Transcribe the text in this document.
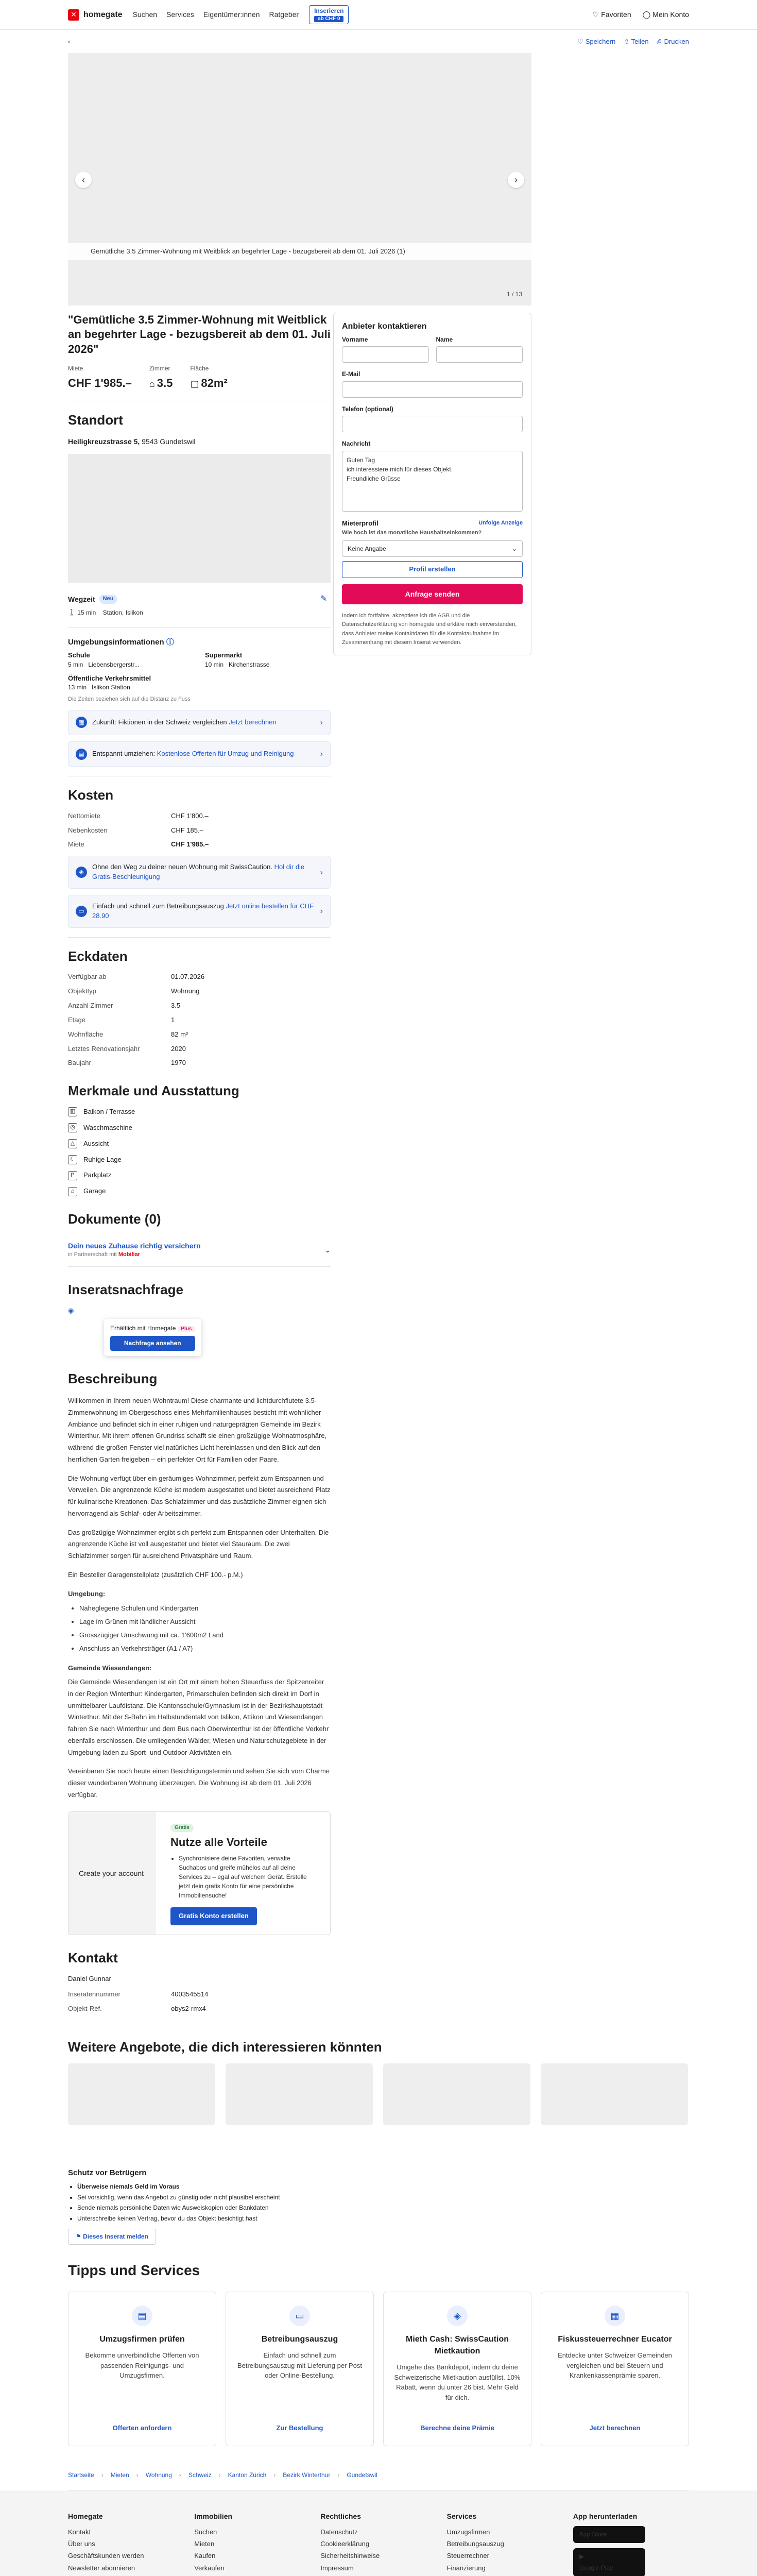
✕ homegate Suchen Services Eigentümer:innen Ratgeber	Inserieren
ab CHF 0	♡ Favoriten ◯ Mein Konto
‹	♡ Speichern ⇪ Teilen ⎙ Drucken
‹	›
Gemütliche 3.5 Zimmer-Wohnung mit Weitblick an begehrter Lage - bezugsbereit ab dem 01. Juli 2026 (1)
1 / 13
Anbieter kontaktieren
Vorname	Name
E-Mail
Telefon (optional)
Nachricht
Guten Tag
ich interessiere mich für dieses Objekt.
Freundliche Grüsse
Mieterprofil	Unfolge Anzeige
Wie hoch ist das monatliche Haushaltseinkommen?
Keine Angabe	⌄
Profil erstellen
Anfrage senden
Indem ich fortfahre, akzeptiere ich die AGB und die Datenschutzerklärung von homegate und erkläre mich einverstanden, dass Anbieter meine Kontaktdaten für die Kontaktaufnahme im Zusammenhang mit diesem Inserat verwenden.
"Gemütliche 3.5 Zimmer-Wohnung mit Weitblick an begehrter Lage - bezugsbereit ab dem 01. Juli 2026"
Miete
CHF 1'985.–
Zimmer
⌂ 3.5
Fläche
▢ 82m²
Standort
Heiligkreuzstrasse 5, 9543 Gundetswil
Wegzeit	Neu	✎
🚶 15 min Station, Islikon
Umgebungsinformationen ⓘ
Schule
5 min Liebensbergerstr...
Supermarkt
10 min Kirchenstrasse
Öffentliche Verkehrsmittel
13 min Islikon Station
Die Zeiten beziehen sich auf die Distanz zu Fuss
▦	Zukunft: Fiktionen in der Schweiz vergleichen Jetzt berechnen	›
▤	Entspannt umziehen: Kostenlose Offerten für Umzug und Reinigung	›
Kosten
Nettomiete	CHF 1'800.–
Nebenkosten	CHF 185.–
Miete	CHF 1'985.–
◈
Ohne den Weg zu deiner neuen Wohnung mit SwissCaution. Hol dir die Gratis-Beschleunigung
›
▭
Einfach und schnell zum Betreibungsauszug Jetzt online bestellen für CHF 28.90
›
Eckdaten
Verfügbar ab	01.07.2026
Objekttyp	Wohnung
Anzahl Zimmer	3.5
Etage	1
Wohnfläche	82 m²
Letztes Renovationsjahr	2020
Baujahr	1970
Merkmale und Ausstattung
▥ Balkon / Terrasse
◎	Waschmaschine
△	Aussicht
☾	Ruhige Lage
P	Parkplatz
⌂	Garage
Dokumente (0)
Dein neues Zuhause richtig versichern
in Partnerschaft mit Mobiliar
⌄
Inseratsnachfrage
◉
Erhältlich mit Homegate Plus
Nachfrage ansehen
Beschreibung

Willkommen in Ihrem neuen Wohntraum! Diese charmante und lichtdurchflutete 3.5-Zimmerwohnung im Obergeschoss eines Mehrfamilienhauses besticht mit wohnlicher Ambiance und befindet sich in einer ruhigen und naturgeprägten Gemeinde im Bezirk Winterthur. Mit ihrem offenen Grundriss schafft sie einen großzügige Wohnatmosphäre, während die großen Fenster viel natürliches Licht hereinlassen und den Blick auf den herrlichen Garten freigeben – ein perfekter Ort für Familien oder Paare.

Die Wohnung verfügt über ein geräumiges Wohnzimmer, perfekt zum Entspannen und Verweilen. Die angrenzende Küche ist modern ausgestattet und bietet ausreichend Platz für kulinarische Kreationen. Das Schlafzimmer und das zusätzliche Zimmer eignen sich hervorragend als Schlaf- oder Arbeitszimmer.

Das großzügige Wohnzimmer ergibt sich perfekt zum Entspannen oder Unterhalten. Die angrenzende Küche ist voll ausgestattet und bietet viel Stauraum. Die zwei Schlafzimmer sorgen für ausreichend Privatsphäre und Raum.

Ein Besteller Garagenstellplatz (zusätzlich CHF 100.- p.M.)

Umgebung:

• Naheglegene Schulen und Kindergarten
• Lage im Grünen mit ländlicher Aussicht
• Grosszügiger Umschwung mit ca. 1'600m2 Land
• Anschluss an Verkehrsträger (A1 / A7)

Gemeinde Wiesendangen:

Die Gemeinde Wiesendangen ist ein Ort mit einem hohen Steuerfuss der Spitzenreiter in der Region Winterthur: Kindergarten, Primarschulen befinden sich direkt im Dorf in unmittelbarer Laufdistanz. Die Kantonsschule/Gymnasium ist in der Bezirkshauptstadt Winterthur. Mit der S-Bahn im Halbstundentakt von Islikon, Attikon und Wiesendangen fahren Sie nach Winterthur und dem Bus nach Oberwinterthur ist der öffentliche Verkehr ebenfalls erschlossen. Die umliegenden Wälder, Wiesen und Naturschutzgebiete in der Umgebung laden zu Sport- und Outdoor-Aktivitäten ein.

Vereinbaren Sie noch heute einen Besichtigungstermin und sehen Sie sich vom Charme dieser wunderbaren Wohnung überzeugen. Die Wohnung ist ab dem 01. Juli 2026 verfügbar.

Create your account
Gratis
Nutze alle Vorteile
• Synchronisiere deine Favoriten, verwalte Suchabos und greife mühelos auf all deine Services zu – egal auf welchem Gerät. Erstelle jetzt dein gratis Konto für eine persönliche Immobiliensuche!
Gratis Konto erstellen
Kontakt
Daniel Gunnar
Inseratennummer	4003545514
Objekt-Ref.	obys2-rmx4
Weitere Angebote, die dich interessieren könnten
Schutz vor Betrügern
• Überweise niemals Geld im Voraus
• Sei vorsichtig, wenn das Angebot zu günstig oder nicht plausibel erscheint
• Sende niemals persönliche Daten wie Ausweiskopien oder Bankdaten
• Unterschreibe keinen Vertrag, bevor du das Objekt besichtigt hast
⚑ Dieses Inserat melden
Tipps und Services
▤
Umzugsfirmen prüfen

Bekomme unverbindliche Offerten von passenden Reinigungs- und Umzugsfirmen.

Offerten anfordern
▭
Betreibungsauszug

Einfach und schnell zum Betreibungsauszug mit Lieferung per Post oder Online-Bestellung.

Zur Bestellung
◈
Mieth Cash: SwissCaution Mietkaution

Umgehe das Bankdepot, indem du deine Schweizerische Mietkaution ausfüllst. 10% Rabatt, wenn du unter 26 bist. Mehr Geld für dich.

Berechne deine Prämie
▦
Fiskussteuerrechner Eucator

Entdecke unter Schweizer Gemeinden vergleichen und bei Steuern und Krankenkassenprämie sparen.

Jetzt berechnen
Startseite › Mieten › Wohnung › Schweiz › Kanton Zürich › Bezirk Winterthur › Gundetswil
Homegate
Kontakt
Über uns
Geschäftskunden werden
Newsletter abonnieren
Immobilien
Suchen
Mieten
Kaufen
Verkaufen
Rechtliches
Datenschutz
Cookieerklärung
Sicherheitshinweise
Impressum
Services
Umzugsfirmen
Betreibungsauszug
Steuerrechner
Finanzierung
App herunterladen
App Store
▶
Google Play
